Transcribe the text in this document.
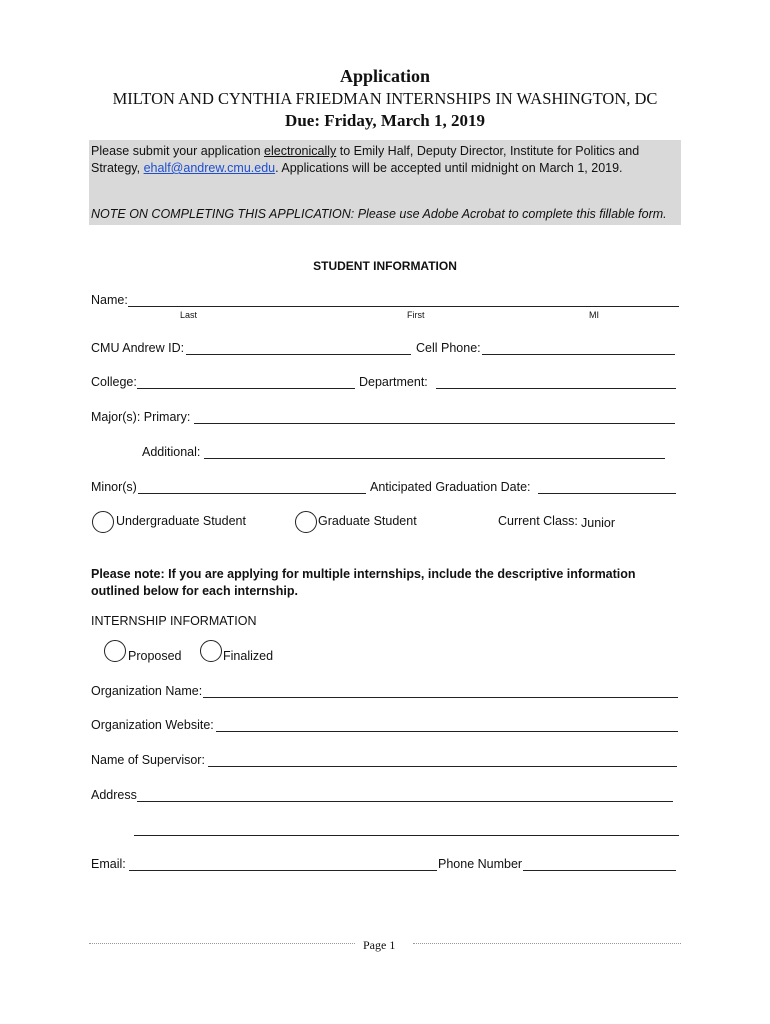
Application
MILTON AND CYNTHIA FRIEDMAN INTERNSHIPS IN WASHINGTON, DC
Due: Friday, March 1, 2019
Please submit your application electronically to Emily Half, Deputy Director, Institute for Politics and Strategy, ehalf@andrew.cmu.edu. Applications will be accepted until midnight on March 1, 2019.
NOTE ON COMPLETING THIS APPLICATION: Please use Adobe Acrobat to complete this fillable form.
STUDENT INFORMATION
Name:
Last	First	MI
CMU Andrew ID:	Cell Phone:
College:	Department:
Major(s): Primary:
Additional:
Minor(s)	Anticipated Graduation Date:
Undergraduate Student	Graduate Student	Current Class: Junior
Please note: If you are applying for multiple internships, include the descriptive information outlined below for each internship.
INTERNSHIP INFORMATION
Proposed	Finalized
Organization Name:
Organization Website:
Name of Supervisor:
Address
Email:	Phone Number
Page 1
